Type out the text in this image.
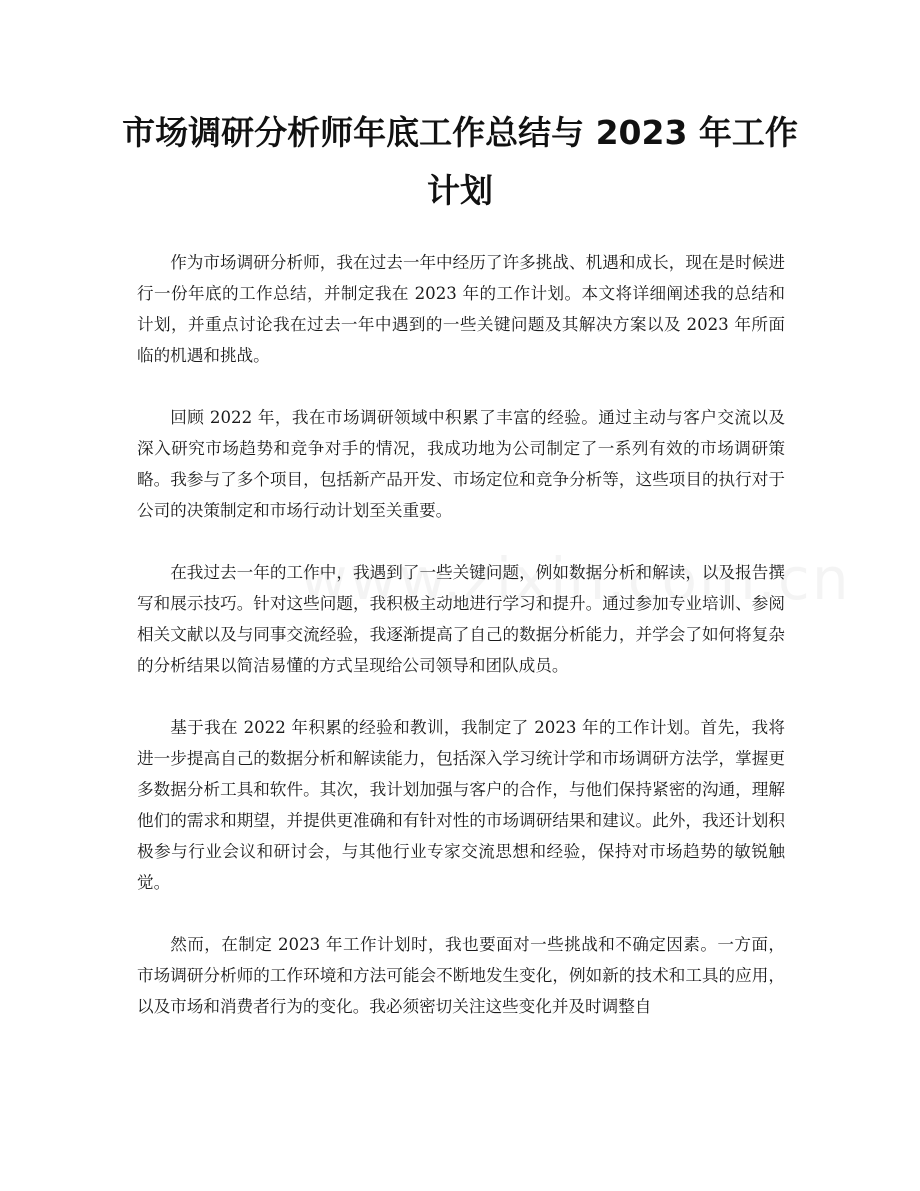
市场调研分析师年底工作总结与 2023 年工作计划

作为市场调研分析师，我在过去一年中经历了许多挑战、机遇和成长，现在是时候进行一份年底的工作总结，并制定我在 2023 年的工作计划。本文将详细阐述我的总结和计划，并重点讨论我在过去一年中遇到的一些关键问题及其解决方案以及 2023 年所面临的机遇和挑战。

回顾 2022 年，我在市场调研领域中积累了丰富的经验。通过主动与客户交流以及深入研究市场趋势和竞争对手的情况，我成功地为公司制定了一系列有效的市场调研策略。我参与了多个项目，包括新产品开发、市场定位和竞争分析等，这些项目的执行对于公司的决策制定和市场行动计划至关重要。

在我过去一年的工作中，我遇到了一些关键问题，例如数据分析和解读，以及报告撰写和展示技巧。针对这些问题，我积极主动地进行学习和提升。通过参加专业培训、参阅相关文献以及与同事交流经验，我逐渐提高了自己的数据分析能力，并学会了如何将复杂的分析结果以简洁易懂的方式呈现给公司领导和团队成员。

基于我在 2022 年积累的经验和教训，我制定了 2023 年的工作计划。首先，我将进一步提高自己的数据分析和解读能力，包括深入学习统计学和市场调研方法学，掌握更多数据分析工具和软件。其次，我计划加强与客户的合作，与他们保持紧密的沟通，理解他们的需求和期望，并提供更准确和有针对性的市场调研结果和建议。此外，我还计划积极参与行业会议和研讨会，与其他行业专家交流思想和经验，保持对市场趋势的敏锐触觉。

然而，在制定 2023 年工作计划时，我也要面对一些挑战和不确定因素。一方面，市场调研分析师的工作环境和方法可能会不断地发生变化，例如新的技术和工具的应用，以及市场和消费者行为的变化。我必须密切关注这些变化并及时调整自
